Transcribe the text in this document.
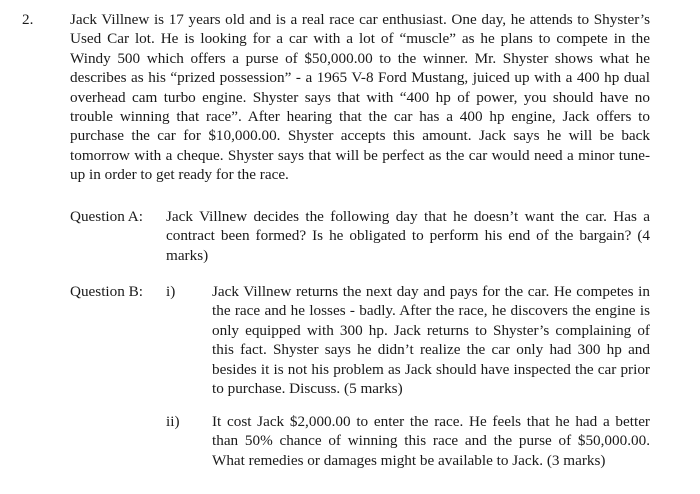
2. Jack Villnew is 17 years old and is a real race car enthusiast. One day, he attends to Shyster’s Used Car lot. He is looking for a car with a lot of “muscle” as he plans to compete in the Windy 500 which offers a purse of $50,000.00 to the winner. Mr. Shyster shows what he describes as his “prized possession” - a 1965 V-8 Ford Mustang, juiced up with a 400 hp dual overhead cam turbo engine. Shyster says that with “400 hp of power, you should have no trouble winning that race”. After hearing that the car has a 400 hp engine, Jack offers to purchase the car for $10,000.00. Shyster accepts this amount. Jack says he will be back tomorrow with a cheque. Shyster says that will be perfect as the car would need a minor tune-up in order to get ready for the race.

Question A: Jack Villnew decides the following day that he doesn’t want the car. Has a contract been formed? Is he obligated to perform his end of the bargain? (4 marks)

Question B: i) Jack Villnew returns the next day and pays for the car. He competes in the race and he losses - badly. After the race, he discovers the engine is only equipped with 300 hp. Jack returns to Shyster’s complaining of this fact. Shyster says he didn’t realize the car only had 300 hp and besides it is not his problem as Jack should have inspected the car prior to purchase. Discuss. (5 marks)

ii) It cost Jack $2,000.00 to enter the race. He feels that he had a better than 50% chance of winning this race and the purse of $50,000.00. What remedies or damages might be available to Jack. (3 marks)
